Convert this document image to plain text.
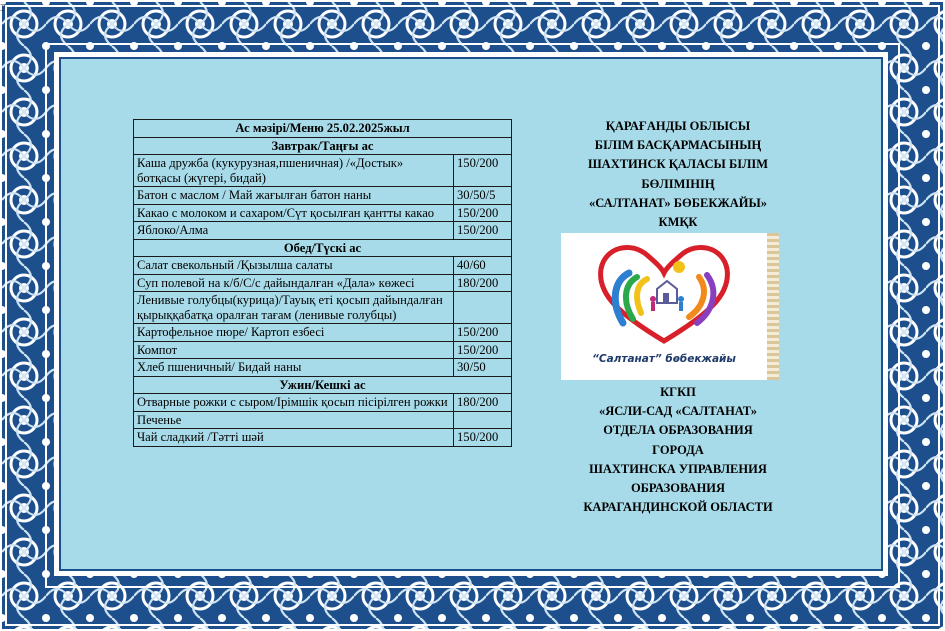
⌶
Ас мәзірі/Меню 25.02.2025жыл	
Завтрак/Таңғы ас	
Каша дружба (кукурузная,пшеничная) /«Достык» ботқасы (жүгері, бидай)	150/200
Батон с маслом / Май жағылған батон наны	30/50/5
Какао с молоком и сахаром/Сүт қосылған қантты какао	150/200
Яблоко/Алма	150/200
Обед/Түскі ас	
Салат свекольный /Қызылша салаты	40/60
Суп полевой на к/б/С/с дайындалған «Дала» көжесі	180/200
Ленивые голубцы(курица)/Тауық еті қосып дайындалған қырыққабатқа оралған тағам (ленивые голубцы)	
Картофельное пюре/ Картоп езбесі	150/200
Компот	150/200
Хлеб пшеничный/ Бидай наны	30/50
Ужин/Кешкі ас	
Отварные рожки с сыром/Ірімшік қосып пісірілген рожки	180/200
Печенье	
Чай сладкий /Тәтті шәй	150/200
ҚАРАҒАНДЫ ОБЛЫСЫ
БІЛІМ БАСҚАРМАСЫНЫҢ
ШАХТИНСК ҚАЛАСЫ БІЛІМ
БӨЛІМІНІҢ
«САЛТАНАТ» БӨБЕКЖАЙЫ»
КМҚК
“Салтанат” бөбекжайы
КГКП
«ЯСЛИ-САД «САЛТАНАТ»
ОТДЕЛА ОБРАЗОВАНИЯ
ГОРОДА
ШАХТИНСКА УПРАВЛЕНИЯ
ОБРАЗОВАНИЯ
КАРАГАНДИНСКОЙ ОБЛАСТИ
